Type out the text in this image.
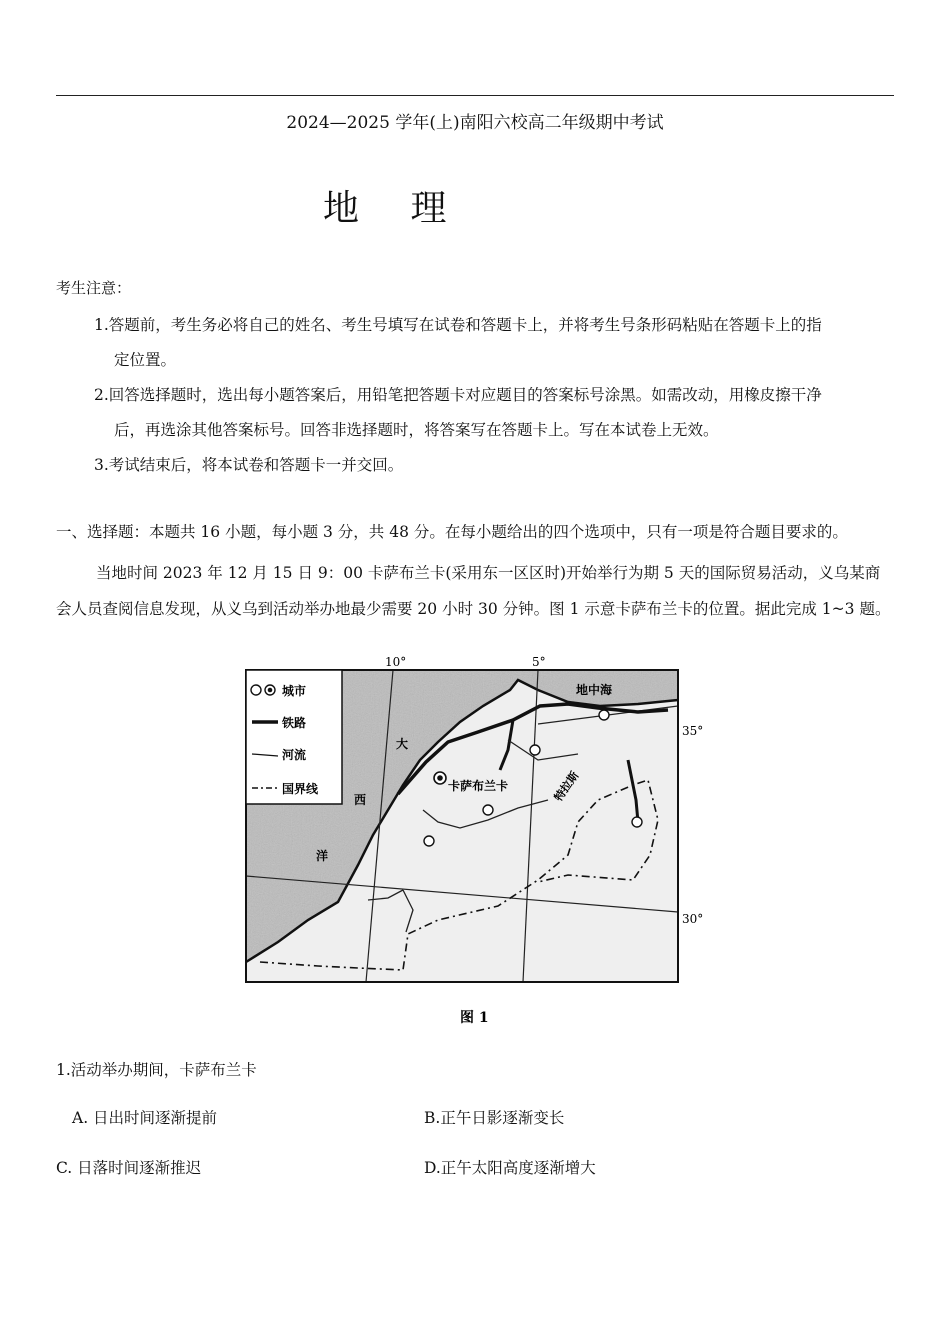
2024—2025 学年(上)南阳六校高二年级期中考试
地 理
考生注意：
1.答题前，考生务必将自己的姓名、考生号填写在试卷和答题卡上，并将考生号条形码粘贴在答题卡上的指
定位置。
2.回答选择题时，选出每小题答案后，用铅笔把答题卡对应题目的答案标号涂黑。如需改动，用橡皮擦干净
后，再选涂其他答案标号。回答非选择题时，将答案写在答题卡上。写在本试卷上无效。
3.考试结束后，将本试卷和答题卡一并交回。
一、选择题：本题共 16 小题，每小题 3 分，共 48 分。在每小题给出的四个选项中，只有一项是符合题目要求的。
当地时间 2023 年 12 月 15 日 9：00 卡萨布兰卡(采用东一区区时)开始举行为期 5 天的国际贸易活动，义乌某商会人员查阅信息发现，从义乌到活动举办地最少需要 20 小时 30 分钟。图 1 示意卡萨布兰卡的位置。据此完成 1~3 题。
城市
铁路
河流
国界线
10°	5°
35°
30°
地中海
卡萨布兰卡
大
西
洋
特拉斯
图 1
1.活动举办期间，卡萨布兰卡
A. 日出时间逐渐提前	B.正午日影逐渐变长
C. 日落时间逐渐推迟	D.正午太阳高度逐渐增大
